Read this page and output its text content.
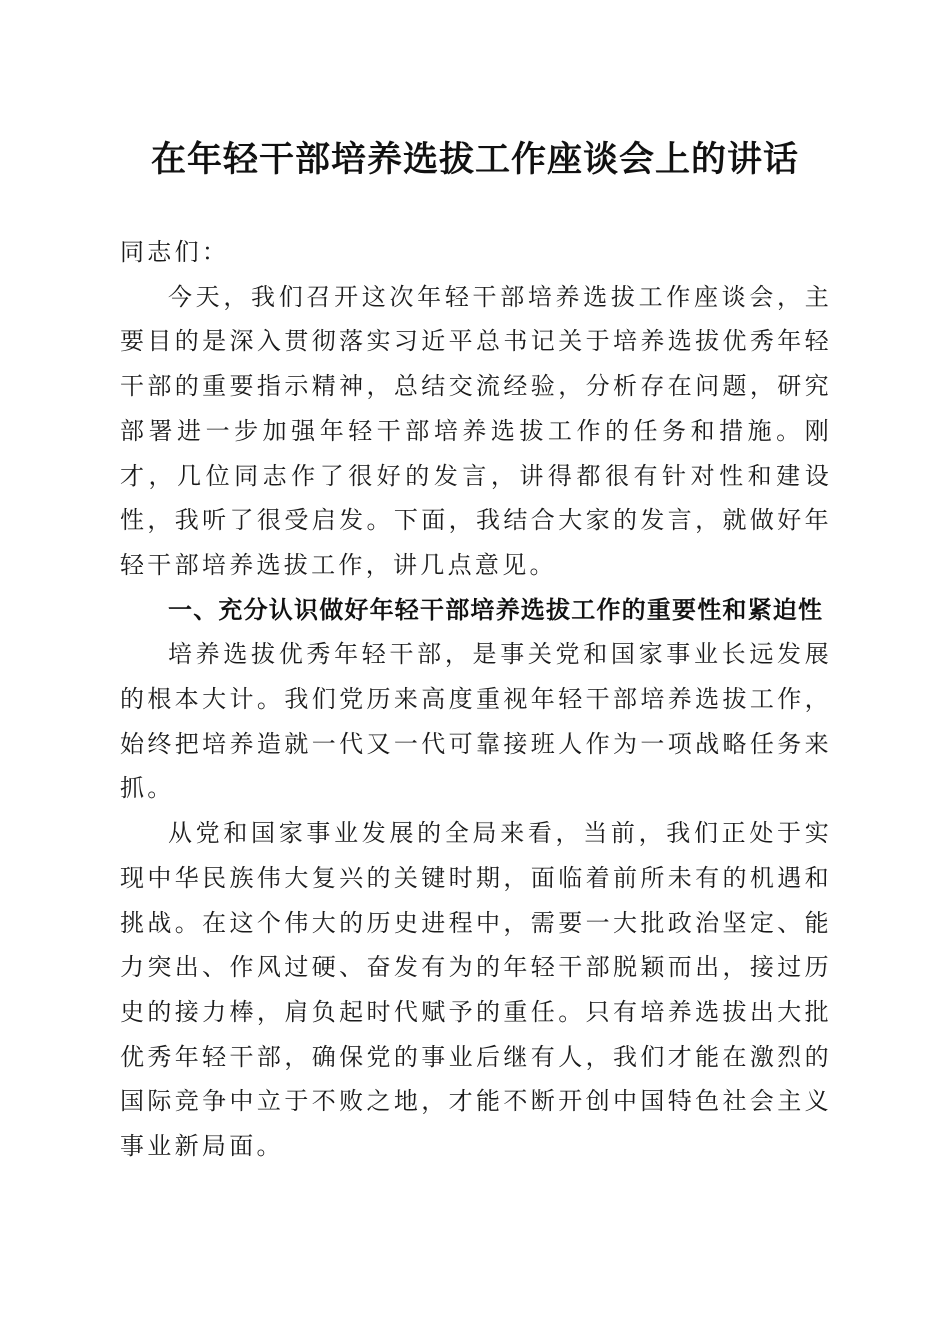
在年轻干部培养选拔工作座谈会上的讲话

同志们：

今天，我们召开这次年轻干部培养选拔工作座谈会，主要目的是深入贯彻落实习近平总书记关于培养选拔优秀年轻干部的重要指示精神，总结交流经验，分析存在问题，研究部署进一步加强年轻干部培养选拔工作的任务和措施。刚才，几位同志作了很好的发言，讲得都很有针对性和建设性，我听了很受启发。下面，我结合大家的发言，就做好年轻干部培养选拔工作，讲几点意见。

一、充分认识做好年轻干部培养选拔工作的重要性和紧迫性

培养选拔优秀年轻干部，是事关党和国家事业长远发展的根本大计。我们党历来高度重视年轻干部培养选拔工作，始终把培养造就一代又一代可靠接班人作为一项战略任务来抓。

从党和国家事业发展的全局来看，当前，我们正处于实现中华民族伟大复兴的关键时期，面临着前所未有的机遇和挑战。在这个伟大的历史进程中，需要一大批政治坚定、能力突出、作风过硬、奋发有为的年轻干部脱颖而出，接过历史的接力棒，肩负起时代赋予的重任。只有培养选拔出大批优秀年轻干部，确保党的事业后继有人，我们才能在激烈的国际竞争中立于不败之地，才能不断开创中国特色社会主义事业新局面。
